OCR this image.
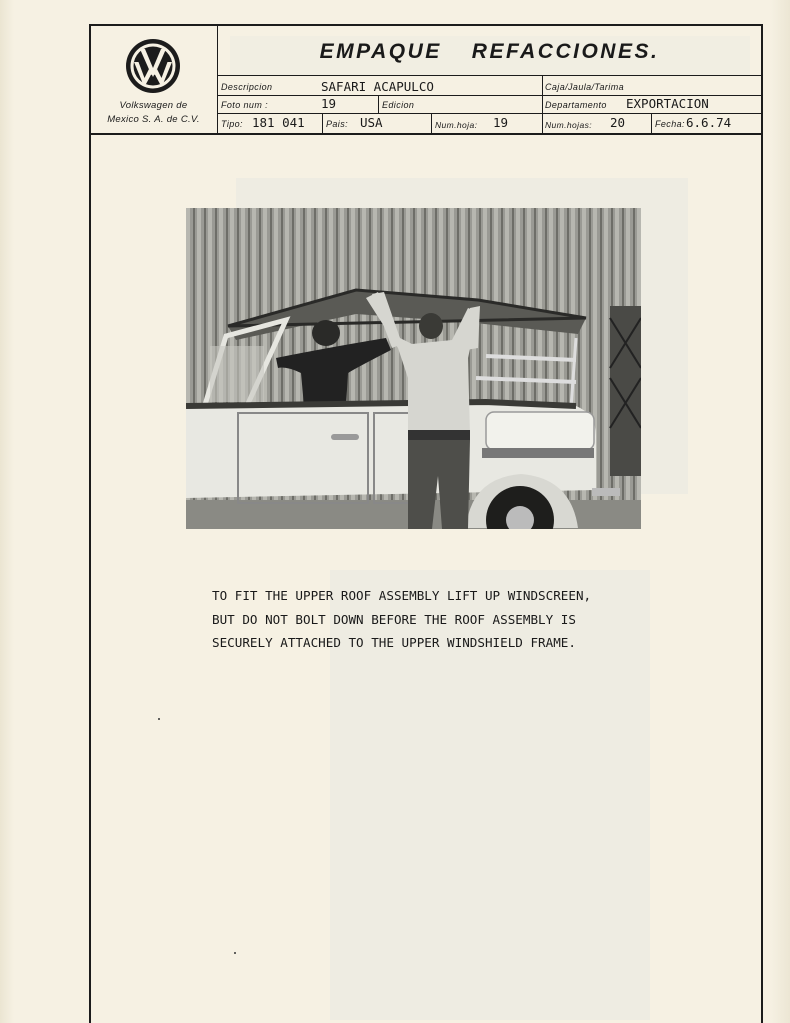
Volkswagen de
Mexico S. A. de C.V.
EMPAQUE REFACCIONES.
Descripcion	SAFARI ACAPULCO	Caja/Jaula/Tarima
Foto num :	19	Edicion	Departamento EXPORTACION
Tipo: 181 041 Pais: USA	Num.hoja: 19	Num.hojas: 20	Fecha: 6.6.74
TO FIT THE UPPER ROOF ASSEMBLY LIFT UP WINDSCREEN,
BUT DO NOT BOLT DOWN BEFORE THE ROOF ASSEMBLY IS
SECURELY ATTACHED TO THE UPPER WINDSHIELD FRAME.
